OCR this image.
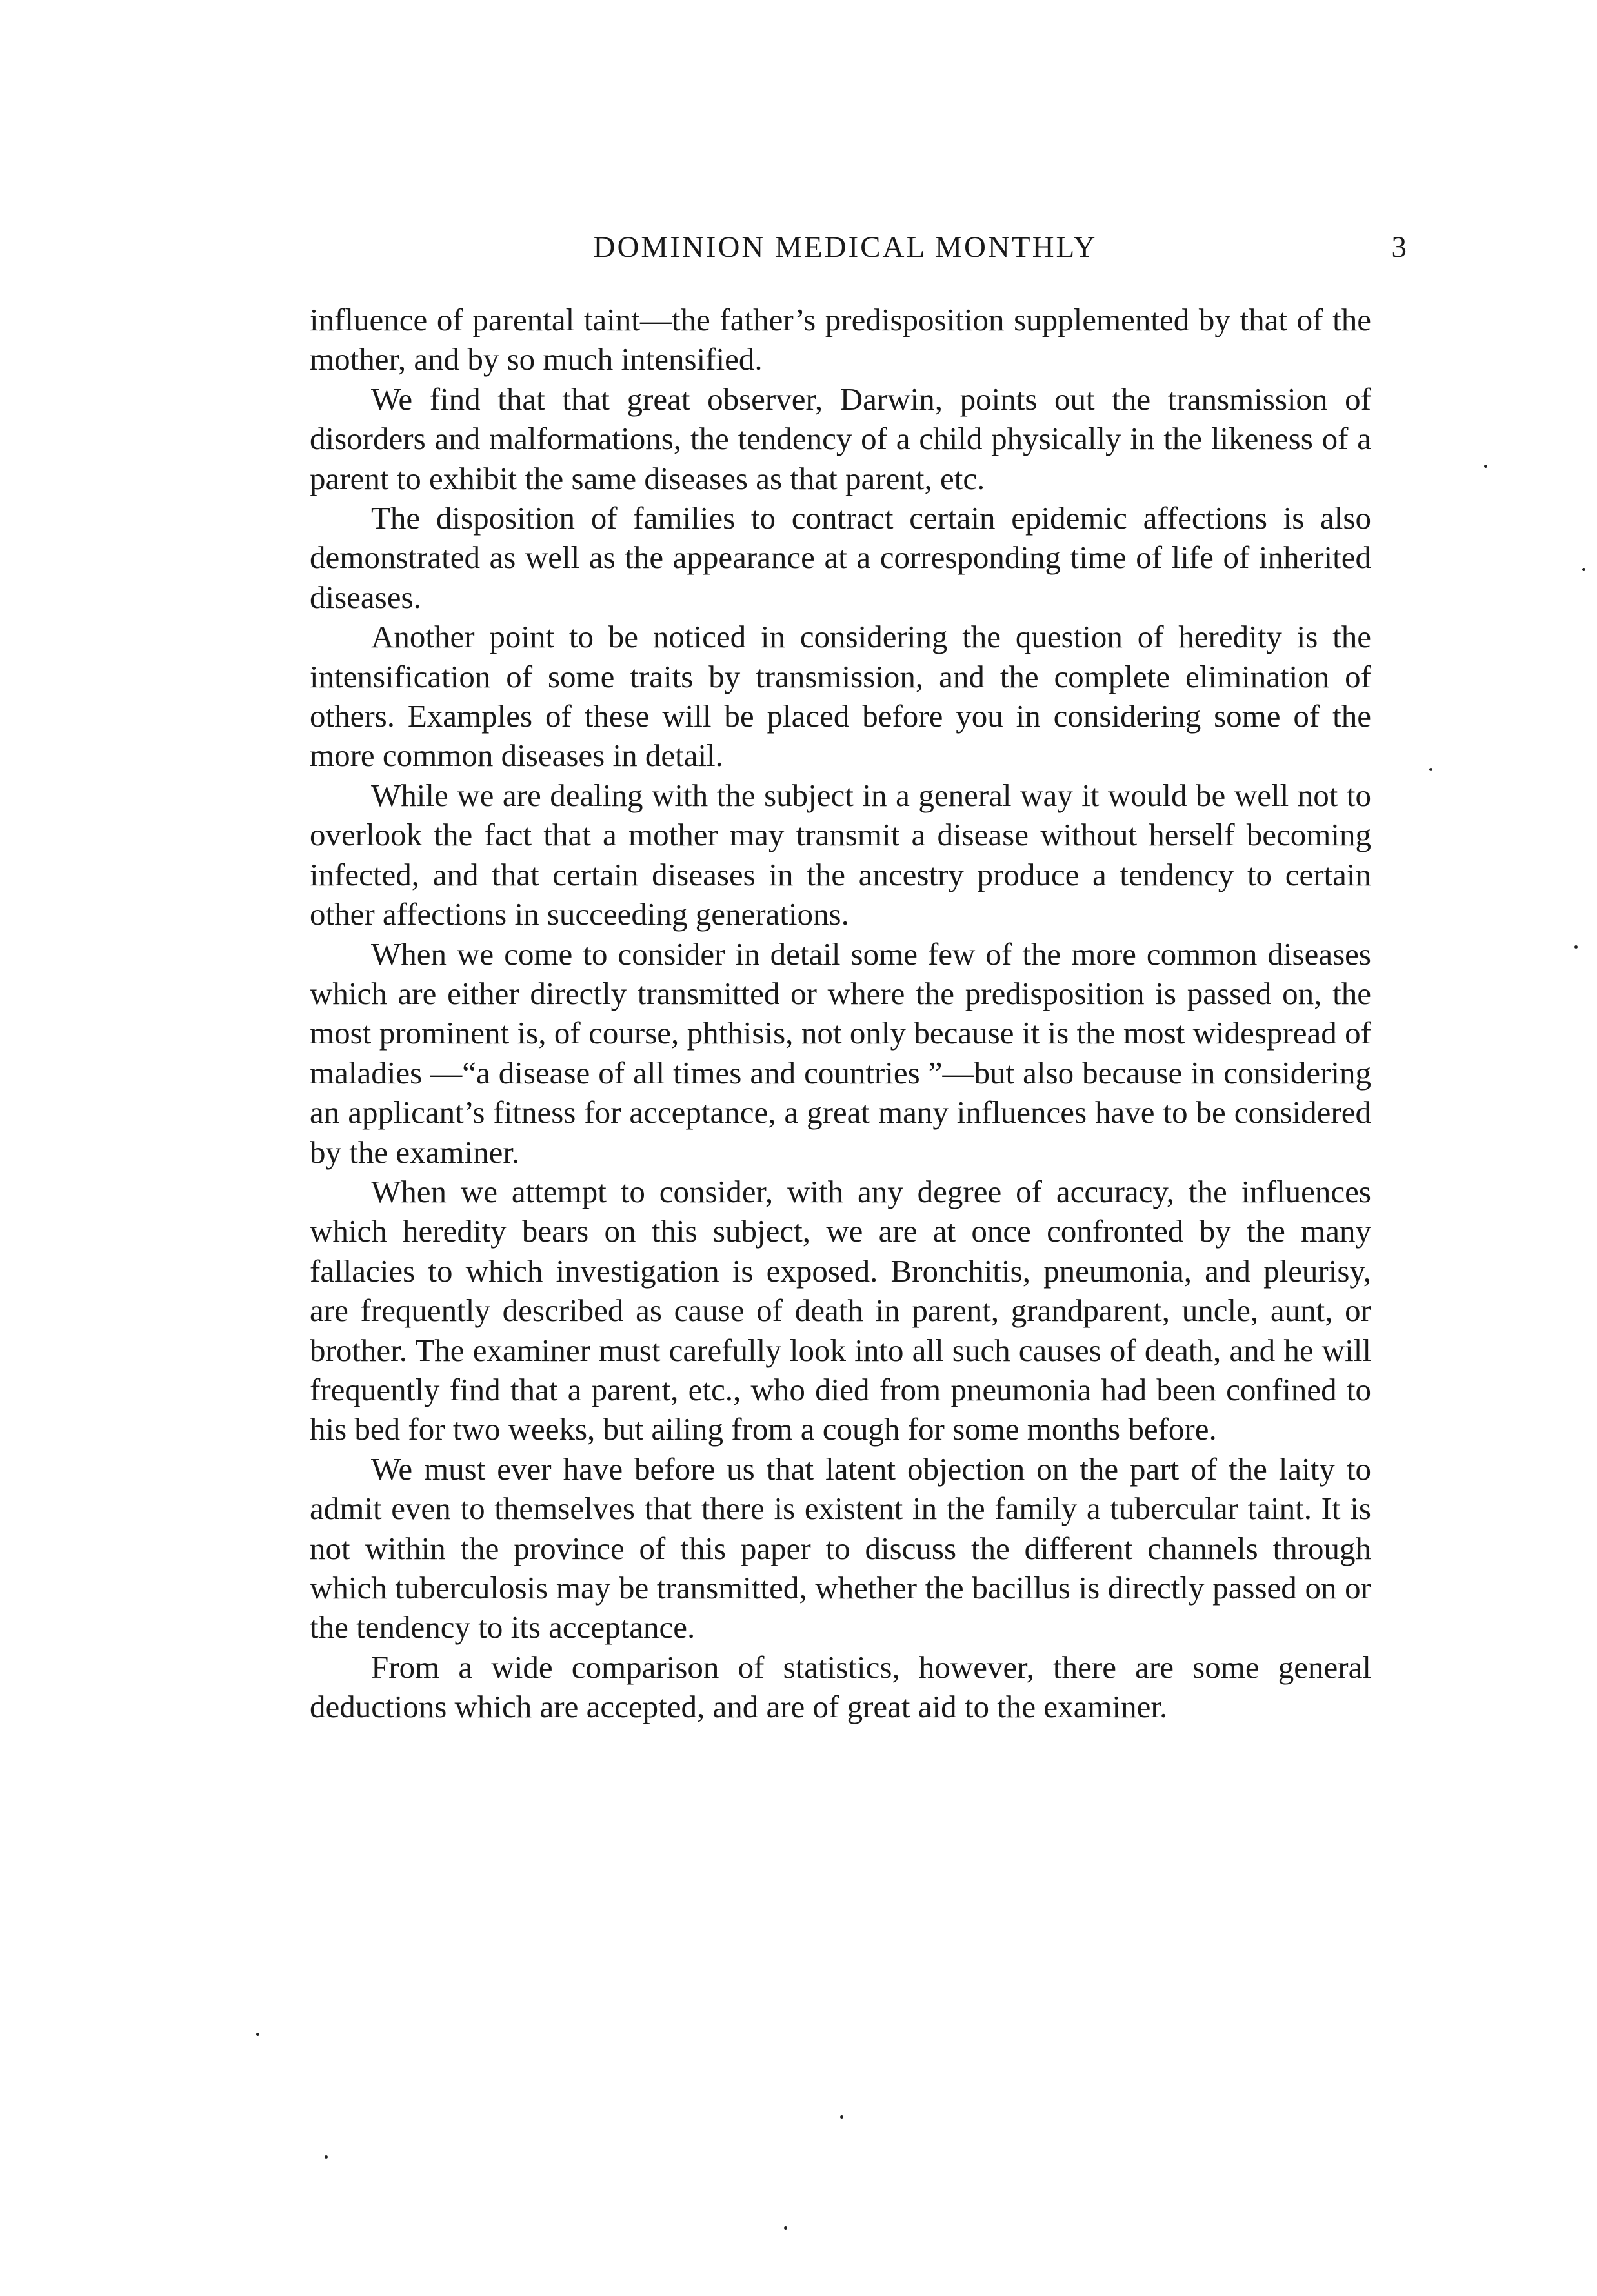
DOMINION MEDICAL MONTHLY	3

influence of parental taint—the father’s predisposition supplemented by that of the mother, and by so much intensified.

We find that that great observer, Darwin, points out the transmission of disorders and malformations, the tendency of a child physically in the likeness of a parent to exhibit the same diseases as that parent, etc.

The disposition of families to contract certain epidemic affections is also demonstrated as well as the appearance at a corresponding time of life of inherited diseases.

Another point to be noticed in considering the question of heredity is the intensification of some traits by transmission, and the complete elimination of others. Examples of these will be placed before you in considering some of the more common diseases in detail.

While we are dealing with the subject in a general way it would be well not to overlook the fact that a mother may transmit a disease without herself becoming infected, and that certain diseases in the ancestry produce a tendency to certain other affections in succeeding generations.

When we come to consider in detail some few of the more common diseases which are either directly transmitted or where the predisposition is passed on, the most prominent is, of course, phthisis, not only because it is the most widespread of maladies —“a disease of all times and countries ”—but also because in considering an applicant’s fitness for acceptance, a great many influences have to be considered by the examiner.

When we attempt to consider, with any degree of accuracy, the influences which heredity bears on this subject, we are at once confronted by the many fallacies to which investigation is exposed. Bronchitis, pneumonia, and pleurisy, are frequently described as cause of death in parent, grandparent, uncle, aunt, or brother. The examiner must carefully look into all such causes of death, and he will frequently find that a parent, etc., who died from pneumonia had been confined to his bed for two weeks, but ailing from a cough for some months before.

We must ever have before us that latent objection on the part of the laity to admit even to themselves that there is existent in the family a tubercular taint. It is not within the province of this paper to discuss the different channels through which tuberculosis may be transmitted, whether the bacillus is directly passed on or the tendency to its acceptance.

From a wide comparison of statistics, however, there are some general deductions which are accepted, and are of great aid to the examiner.
